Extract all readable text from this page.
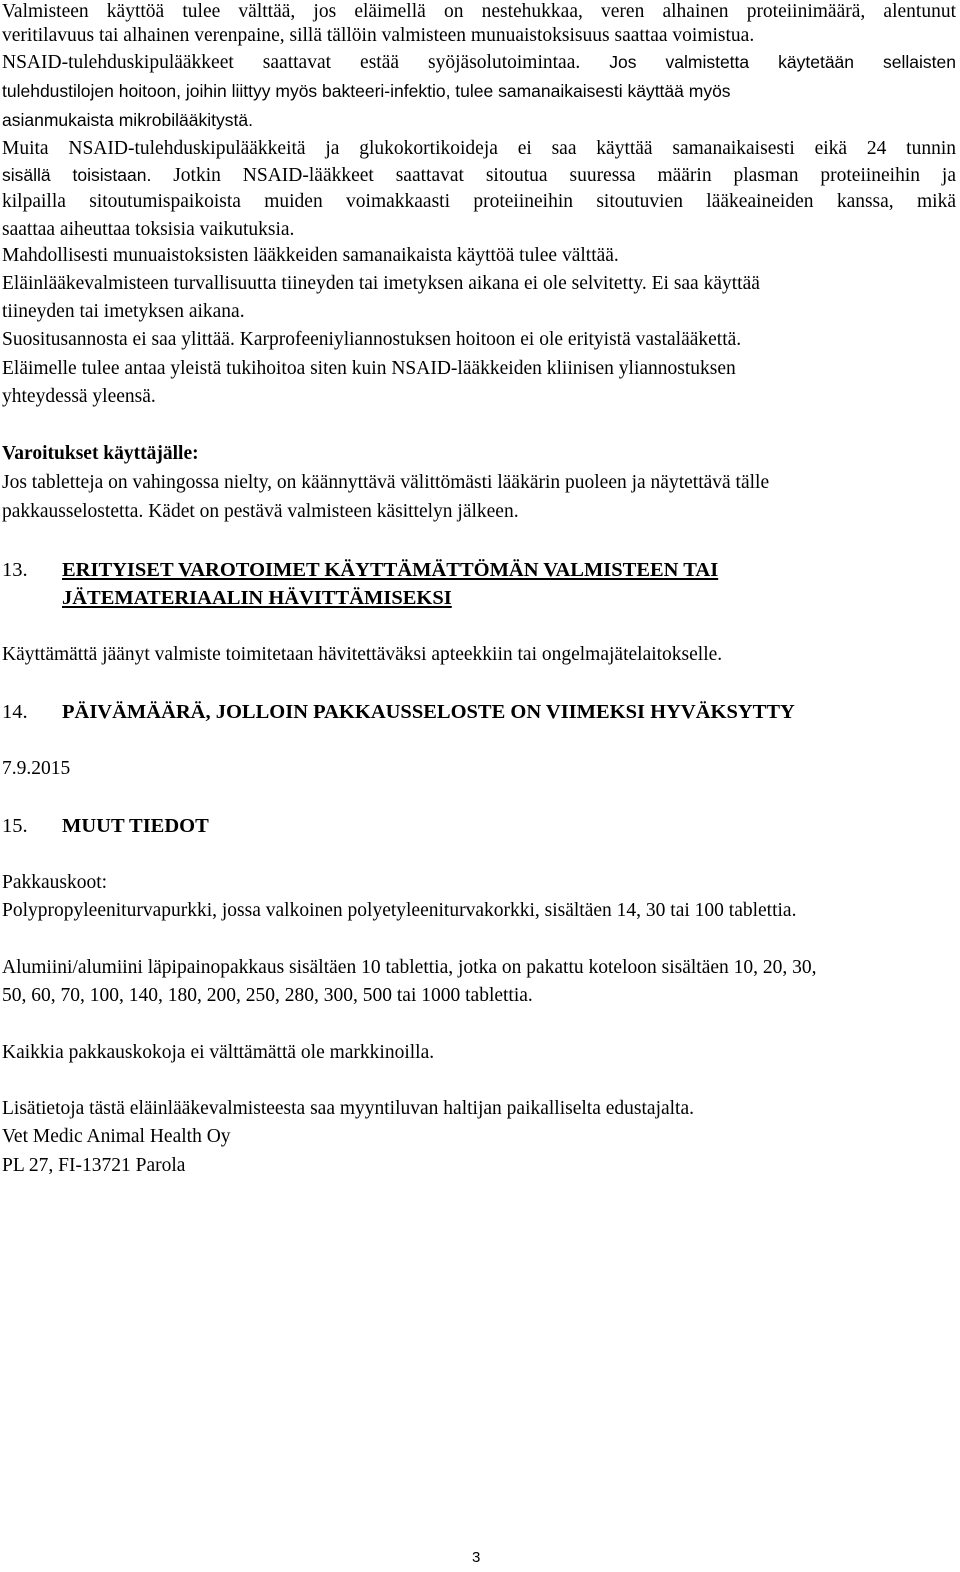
Valmisteen käyttöä tulee välttää, jos eläimellä on nestehukkaa, veren alhainen proteiinimäärä, alentunut
veritilavuus tai alhainen verenpaine, sillä tällöin valmisteen munuaistoksisuus saattaa voimistua.
NSAID-tulehduskipulääkkeet saattavat estää syöjäsolutoimintaa. Jos valmistetta käytetään sellaisten
tulehdustilojen hoitoon, joihin liittyy myös bakteeri-infektio, tulee samanaikaisesti käyttää myös
asianmukaista mikrobilääkitystä.
Muita NSAID-tulehduskipulääkkeitä ja glukokortikoideja ei saa käyttää samanaikaisesti eikä 24 tunnin
sisällä toisistaan. Jotkin NSAID-lääkkeet saattavat sitoutua suuressa määrin plasman proteiineihin ja
kilpailla sitoutumispaikoista muiden voimakkaasti proteiineihin sitoutuvien lääkeaineiden kanssa, mikä
saattaa aiheuttaa toksisia vaikutuksia.
Mahdollisesti munuaistoksisten lääkkeiden samanaikaista käyttöä tulee välttää.
Eläinlääkevalmisteen turvallisuutta tiineyden tai imetyksen aikana ei ole selvitetty. Ei saa käyttää
tiineyden tai imetyksen aikana.
Suositusannosta ei saa ylittää. Karprofeeniyliannostuksen hoitoon ei ole erityistä vastalääkettä.
Eläimelle tulee antaa yleistä tukihoitoa siten kuin NSAID-lääkkeiden kliinisen yliannostuksen
yhteydessä yleensä.
Varoitukset käyttäjälle:
Jos tabletteja on vahingossa nielty, on käännyttävä välittömästi lääkärin puoleen ja näytettävä tälle
pakkausselostetta. Kädet on pestävä valmisteen käsittelyn jälkeen.
13. ERITYISET VAROTOIMET KÄYTTÄMÄTTÖMÄN VALMISTEEN TAI
JÄTEMATERIAALIN HÄVITTÄMISEKSI
Käyttämättä jäänyt valmiste toimitetaan hävitettäväksi apteekkiin tai ongelmajätelaitokselle.
14. PÄIVÄMÄÄRÄ, JOLLOIN PAKKAUSSELOSTE ON VIIMEKSI HYVÄKSYTTY
7.9.2015
15. MUUT TIEDOT
Pakkauskoot:
Polypropyleeniturvapurkki, jossa valkoinen polyetyleeniturvakorkki, sisältäen 14, 30 tai 100 tablettia.
Alumiini/alumiini läpipainopakkaus sisältäen 10 tablettia, jotka on pakattu koteloon sisältäen 10, 20, 30,
50, 60, 70, 100, 140, 180, 200, 250, 280, 300, 500 tai 1000 tablettia.
Kaikkia pakkauskokoja ei välttämättä ole markkinoilla.
Lisätietoja tästä eläinlääkevalmisteesta saa myyntiluvan haltijan paikalliselta edustajalta.
Vet Medic Animal Health Oy
PL 27, FI-13721 Parola
3
